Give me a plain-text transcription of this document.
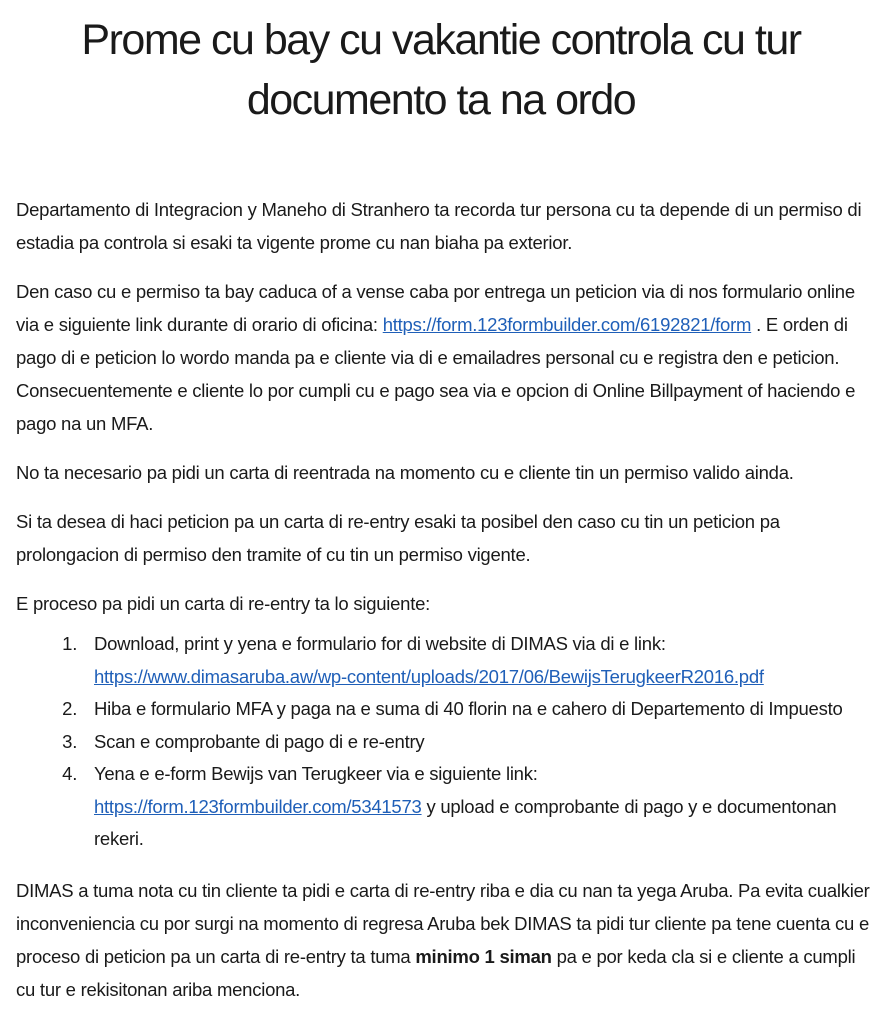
Prome cu bay cu vakantie controla cu tur
documento ta na ordo

Departamento di Integracion y Maneho di Stranhero ta recorda tur persona cu ta depende di un permiso di estadia pa controla si esaki ta vigente prome cu nan biaha pa exterior.

Den caso cu e permiso ta bay caduca of a vense caba por entrega un peticion via di nos formulario online via e siguiente link durante di orario di oficina: https://form.123formbuilder.com/6192821/form . E orden di pago di e peticion lo wordo manda pa e cliente via di e emailadres personal cu e registra den e peticion. Consecuentemente e cliente lo por cumpli cu e pago sea via e opcion di Online Billpayment of haciendo e pago na un MFA.

No ta necesario pa pidi un carta di reentrada na momento cu e cliente tin un permiso valido ainda.

Si ta desea di haci peticion pa un carta di re-entry esaki ta posibel den caso cu tin un peticion pa prolongacion di permiso den tramite of cu tin un permiso vigente.

E proceso pa pidi un carta di re-entry ta lo siguiente:

1. Download, print y yena e formulario for di website di DIMAS via di e link:
https://www.dimasaruba.aw/wp-content/uploads/2017/06/BewijsTerugkeerR2016.pdf
2. Hiba e formulario MFA y paga na e suma di 40 florin na e cahero di Departemento di Impuesto
3. Scan e comprobante di pago di e re-entry
4. Yena e e-form Bewijs van Terugkeer via e siguiente link:
https://form.123formbuilder.com/5341573 y upload e comprobante di pago y e documentonan rekeri.

DIMAS a tuma nota cu tin cliente ta pidi e carta di re-entry riba e dia cu nan ta yega Aruba. Pa evita cualkier inconveniencia cu por surgi na momento di regresa Aruba bek DIMAS ta pidi tur cliente pa tene cuenta cu e proceso di peticion pa un carta di re-entry ta tuma minimo 1 siman pa e por keda cla si e cliente a cumpli cu tur e rekisitonan ariba menciona.
